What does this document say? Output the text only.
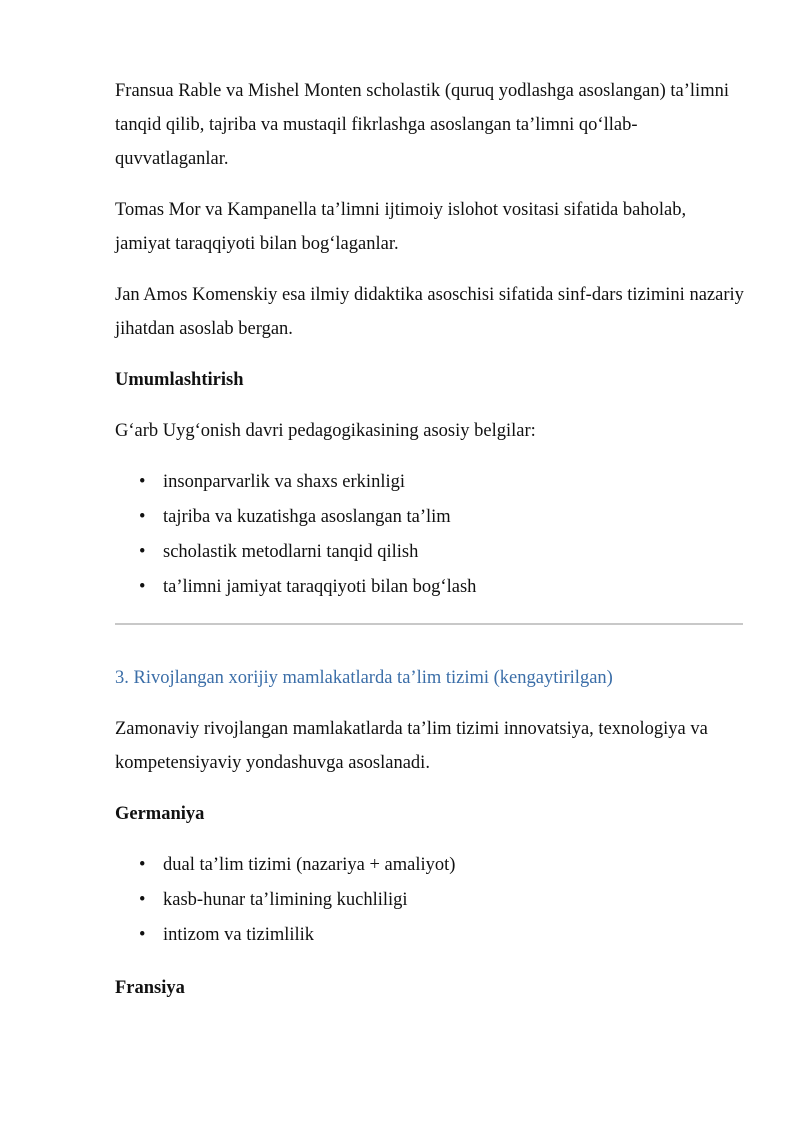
Fransua Rable va Mishel Monten scholastik (quruq yodlashga asoslangan) ta’limni tanqid qilib, tajriba va mustaqil fikrlashga asoslangan ta’limni qo‘llab-quvvatlaganlar.

Tomas Mor va Kampanella ta’limni ijtimoiy islohot vositasi sifatida baholab, jamiyat taraqqiyoti bilan bog‘laganlar.

Jan Amos Komenskiy esa ilmiy didaktika asoschisi sifatida sinf-dars tizimini nazariy jihatdan asoslab bergan.

Umumlashtirish

G‘arb Uyg‘onish davri pedagogikasining asosiy belgilar:

• insonparvarlik va shaxs erkinligi
• tajriba va kuzatishga asoslangan ta’lim
• scholastik metodlarni tanqid qilish
• ta’limni jamiyat taraqqiyoti bilan bog‘lash
3. Rivojlangan xorijiy mamlakatlarda ta’lim tizimi (kengaytirilgan)

Zamonaviy rivojlangan mamlakatlarda ta’lim tizimi innovatsiya, texnologiya va kompetensiyaviy yondashuvga asoslanadi.

Germaniya
• dual ta’lim tizimi (nazariya + amaliyot)
• kasb-hunar ta’limining kuchliligi
• intizom va tizimlilik
Fransiya
